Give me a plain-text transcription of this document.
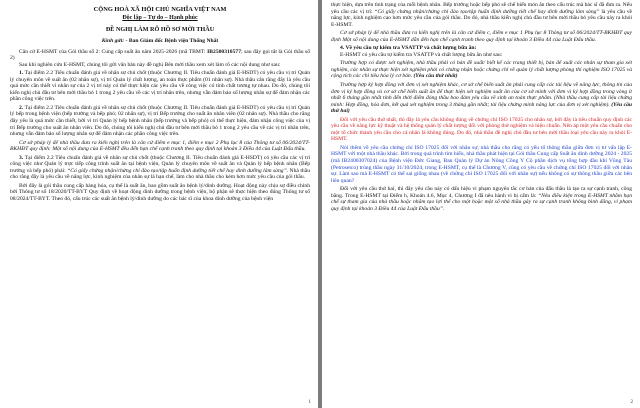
CỘNG HOÀ XÃ HỘI CHỦ NGHĨA VIỆT NAM

Độc lập – Tự do – Hạnh phúc

ĐỀ NGHỊ LÀM RÕ HỒ SƠ MỜI THẦU

Kính gửi: - Ban Giám đốc Bệnh viện Thống Nhất

Căn cứ E-HSMT của Gói thầu số 2: Cung cấp suất ăn năm 2025-2026 (mã TBMT: IB2500310577; sau đây gọi tắt là Gói thầu số 2)

Sau khi nghiên cứu E-HSMT, chúng tôi gửi văn bản này đề nghị Bên mời thầu xem xét làm rõ các nội dung như sau:

1. Tại điểm 2.2 Tiêu chuẩn đánh giá về nhân sự chủ chốt (thuộc Chương II. Tiêu chuẩn đánh giá E-HSDT) có yêu cầu vị trí Quản lý chuyên môn về suất ăn (02 nhân sự), vị trí Quản lý chất lượng, an toàn thực phẩm (01 nhân sự). Nhà thầu cân rằng đây là yêu cầu quá mức cần thiết vì nhân sự của 2 vị trí này có thể thực hiện các yêu cầu về công việc có tính chất tương tự nhau. Do đó, chúng tôi kiến nghị chủ đầu tư bên mời thầu bỏ 1 trong 2 yêu cầu về các vị trí nhân trên, nhưng vẫn đảm bảo số lượng nhân sự để đảm nhận các phần công việc trên.

2. Tại điểm 2.2 Tiêu chuẩn đánh giá về nhân sự chủ chốt (thuộc Chương II. Tiêu chuẩn đánh giá E-HSDT) có yêu cầu vị trí Quản lý bếp trong bệnh viện (bếp trưởng và bếp phó; 02 nhân sự), vị trí Bếp trưởng cho suất ăn nhân viên (02 nhân sự). Nhà thầu cho rằng đây yêu là quá mức cần thiết, bởi vì trí Quản lý bếp bệnh nhân (bếp trưởng và bếp phó) có thể thực hiện, đảm nhận công việc của vị trí Bếp trưởng cho suất ăn nhân viên. Do đó, chúng tôi kiến nghị chủ đầu tư bên mời thầu bỏ 1 trong 2 yêu cầu về các vị trí nhân trên, nhưng vẫn đảm bảo số lượng nhân sự để đảm nhận các phần công việc trên.

Cơ sở pháp lý để nhà thầu đưa ra kiến nghị trên là căn cứ điểm e mục 1, điểm e mục 2 Phụ lục 8 của Thông tư số 06/2024/TT-BKHĐT quy định: Một số nội dung của E-HSMT đều đến hạn chế cạnh tranh theo quy định tại khoản 3 Điều 44 của Luật Đấu thầu.

3. Tại điểm 2.2 Tiêu chuẩn đánh giá về nhân sự chủ chốt (thuộc Chương II. Tiêu chuẩn đánh giá E-HSDT) có yêu cầu các vị trí công việc như Quản lý trực tiếp công trình suất ăn tại bệnh viện, Quản lý chuyên môn về suất ăn và Quản lý bếp bệnh nhân (Bếp trưởng và bếp phó) phải: “Có giấy chứng nhận/chứng chỉ đào tạo/tập huấn định dưỡng tiết chế hay dinh dưỡng lâm sàng”. Nhà thầu cho rằng đây là yêu cầu về năng lực, kinh nghiệm của nhân sự là hạn chế, làm cho nhà thầu cho kém hơn mức yêu cầu của gói thầu.

Bởi đây là gói thầu cung cấp hàng hóa, cụ thể là suất ăn, bao gồm suất ăn bệnh lý/dinh dưỡng. Hoạt động này chịu sự điều chỉnh bởi Thông tư số 18/2020/TT-BYT Quy định về hoạt động dinh dưỡng trong bệnh viện, bộ phận sẽ thực hiện theo đúng Thông tư số 08/2024/TT-BYT. Theo đó, cấu trúc các suất ăn bệnh lý/dinh dưỡng do các bác sĩ của khoa dinh dưỡng của bệnh viện

1

thực hiện, dựa trên tình trạng của mỗi bệnh nhân. Bếp trưởng hoặc bếp phó sẽ chế biến món ăn theo cấu trúc mà bác sĩ đã đưa ra. Nếu yêu cầu các vị trí: “Có giấy chứng nhận/chứng chỉ đào tạo/tập huấn định dưỡng tiết chế hay dinh dưỡng lâm sàng” là yêu cầu về năng lực, kinh nghiệm cao hơn mức yêu cầu của gói thầu. Do đó, nhà thầu kiến nghị chủ đầu tư bên mời thầu bỏ yêu cầu này ra khỏi E-HSMT.

Cơ sở pháp lý để nhà thầu đưa ra kiến nghị trên là căn cứ điểm c, điểm e mục 1 Phụ lục 8 Thông tư số 06/2024/TT-BKHĐT quy định Một số nội dung của E-HSMT dẫn đến hạn chế cạnh tranh theo quy định tại khoản 3 Điều 44 của Luật Đấu thầu.

4. Về yêu cầu tự kiểm tra VSATTP và chất lượng bữa ăn:

E-HSMT có yêu cầu tự kiểm tra VSATTP và chất lượng bữa ăn như sau:

Trường hợp có được xét nghiệm, nhà thầu phải có bản đề xuất/ biết kế các trang thiết bị, bản để xuất các nhân sự tham gia xét nghiệm, các nhân sự thực hiện xét nghiệm phải có chứng nhận hoặc chứng chỉ về quản lý chất lượng phòng thí nghiệm ISO 17025 và cộng tích các chỉ tiêu hóa lý cơ bản. (Yêu cầu thứ nhất)

Trường hợp ký hợp đồng với đơn vị xét nghiệm khác, cơ sở chế biến suất ăn phải cung cấp các tài liệu về năng lực, thông tin của đơn vị ký hợp đồng và cơ sở chế biến suất ăn để thực hiện xét nghiệm suất ăn của cơ sở mình với đơn vị ký hợp đồng trong vòng ít nhất 6 tháng gần nhất tính đến thời điểm đóng thầu bao đảm yêu cầu về sinh an toàn thực phẩm. (Nhà thầu cung cấp tài liệu chứng minh: Hợp đồng, hóa đơn, kết quả xét nghiệm trong 3 tháng gần nhất; tài liệu chứng minh năng lực của đơn vị xét nghiệm). (Yêu cầu thứ hai)

Đối với yêu cầu thứ nhất, thì đây là yêu cầu không đúng về chứng chỉ ISO 17025 cho nhân sự, bởi đây là tiêu chuẩn quy định các yêu cầu về năng lực kỹ thuật và hệ thống quản lý chất lượng đối với phòng thử nghiệm và hiệu chuẩn. Nên áp một yêu cầu chuẩn cho một tổ chức thành yêu cầu cho cá nhân là không đúng. Do đó, nhà thầu đề nghị chủ đầu tư bên mời thầu loại yêu cầu này ra khỏi E-HSMT.

Nói thêm về yêu cầu chứng chỉ ISO 17025 đối với nhân sự, nhà thầu cho rằng có yếu tố thông thầu giữa đơn vị tư vấn lập E-HSMT với một nhà thầu khác. Bởi trong quá trình tìm hiểu, nhà thầu phát hiện tại Gói thầu Cung cấp Suất ăn dinh dưỡng 2024 - 2025 (mã IB2400307024) của Bệnh viện Đức Giang, Ban Quản lý Dự án Nông Công Y Cộ phần dịch vụ tổng hợp dầu khí Vũng Tàu (Petrosetco) trúng thầu ngày 31/10/2024, trong E-HSMT, cụ thể là Chương V, cũng có yêu cầu về chứng chỉ ISO 17025 đối với nhân sự. Làm sao mà E-HSMT có thể sai giống nhau (về chứng chỉ ISO 17025 đối với nhân sự) nếu không có sự thông thầu giữa các bên liên quan?

Đối với yêu cầu thứ hai, thì đây yêu cầu này có dấu hiệu vi phạm nguyên tắc cơ bản của đấu thầu là tạo ra sự cạnh tranh, công bằng. Trong E-HSMT tại Điểm h, Khoản 4.6, Mục 4, Chương I đã nêu hành vi bị cấm là: “Nêu điều kiện trong E-HSMT nhằm hạn chế sự tham gia của nhà thầu hoặc nhằm tạo lợi thế cho một hoặc một số nhà thầu gây ra sự cạnh tranh không bình đẳng, vi phạm quy định tại khoản 3 Điều 44 của Luật Đấu thầu”.

2
